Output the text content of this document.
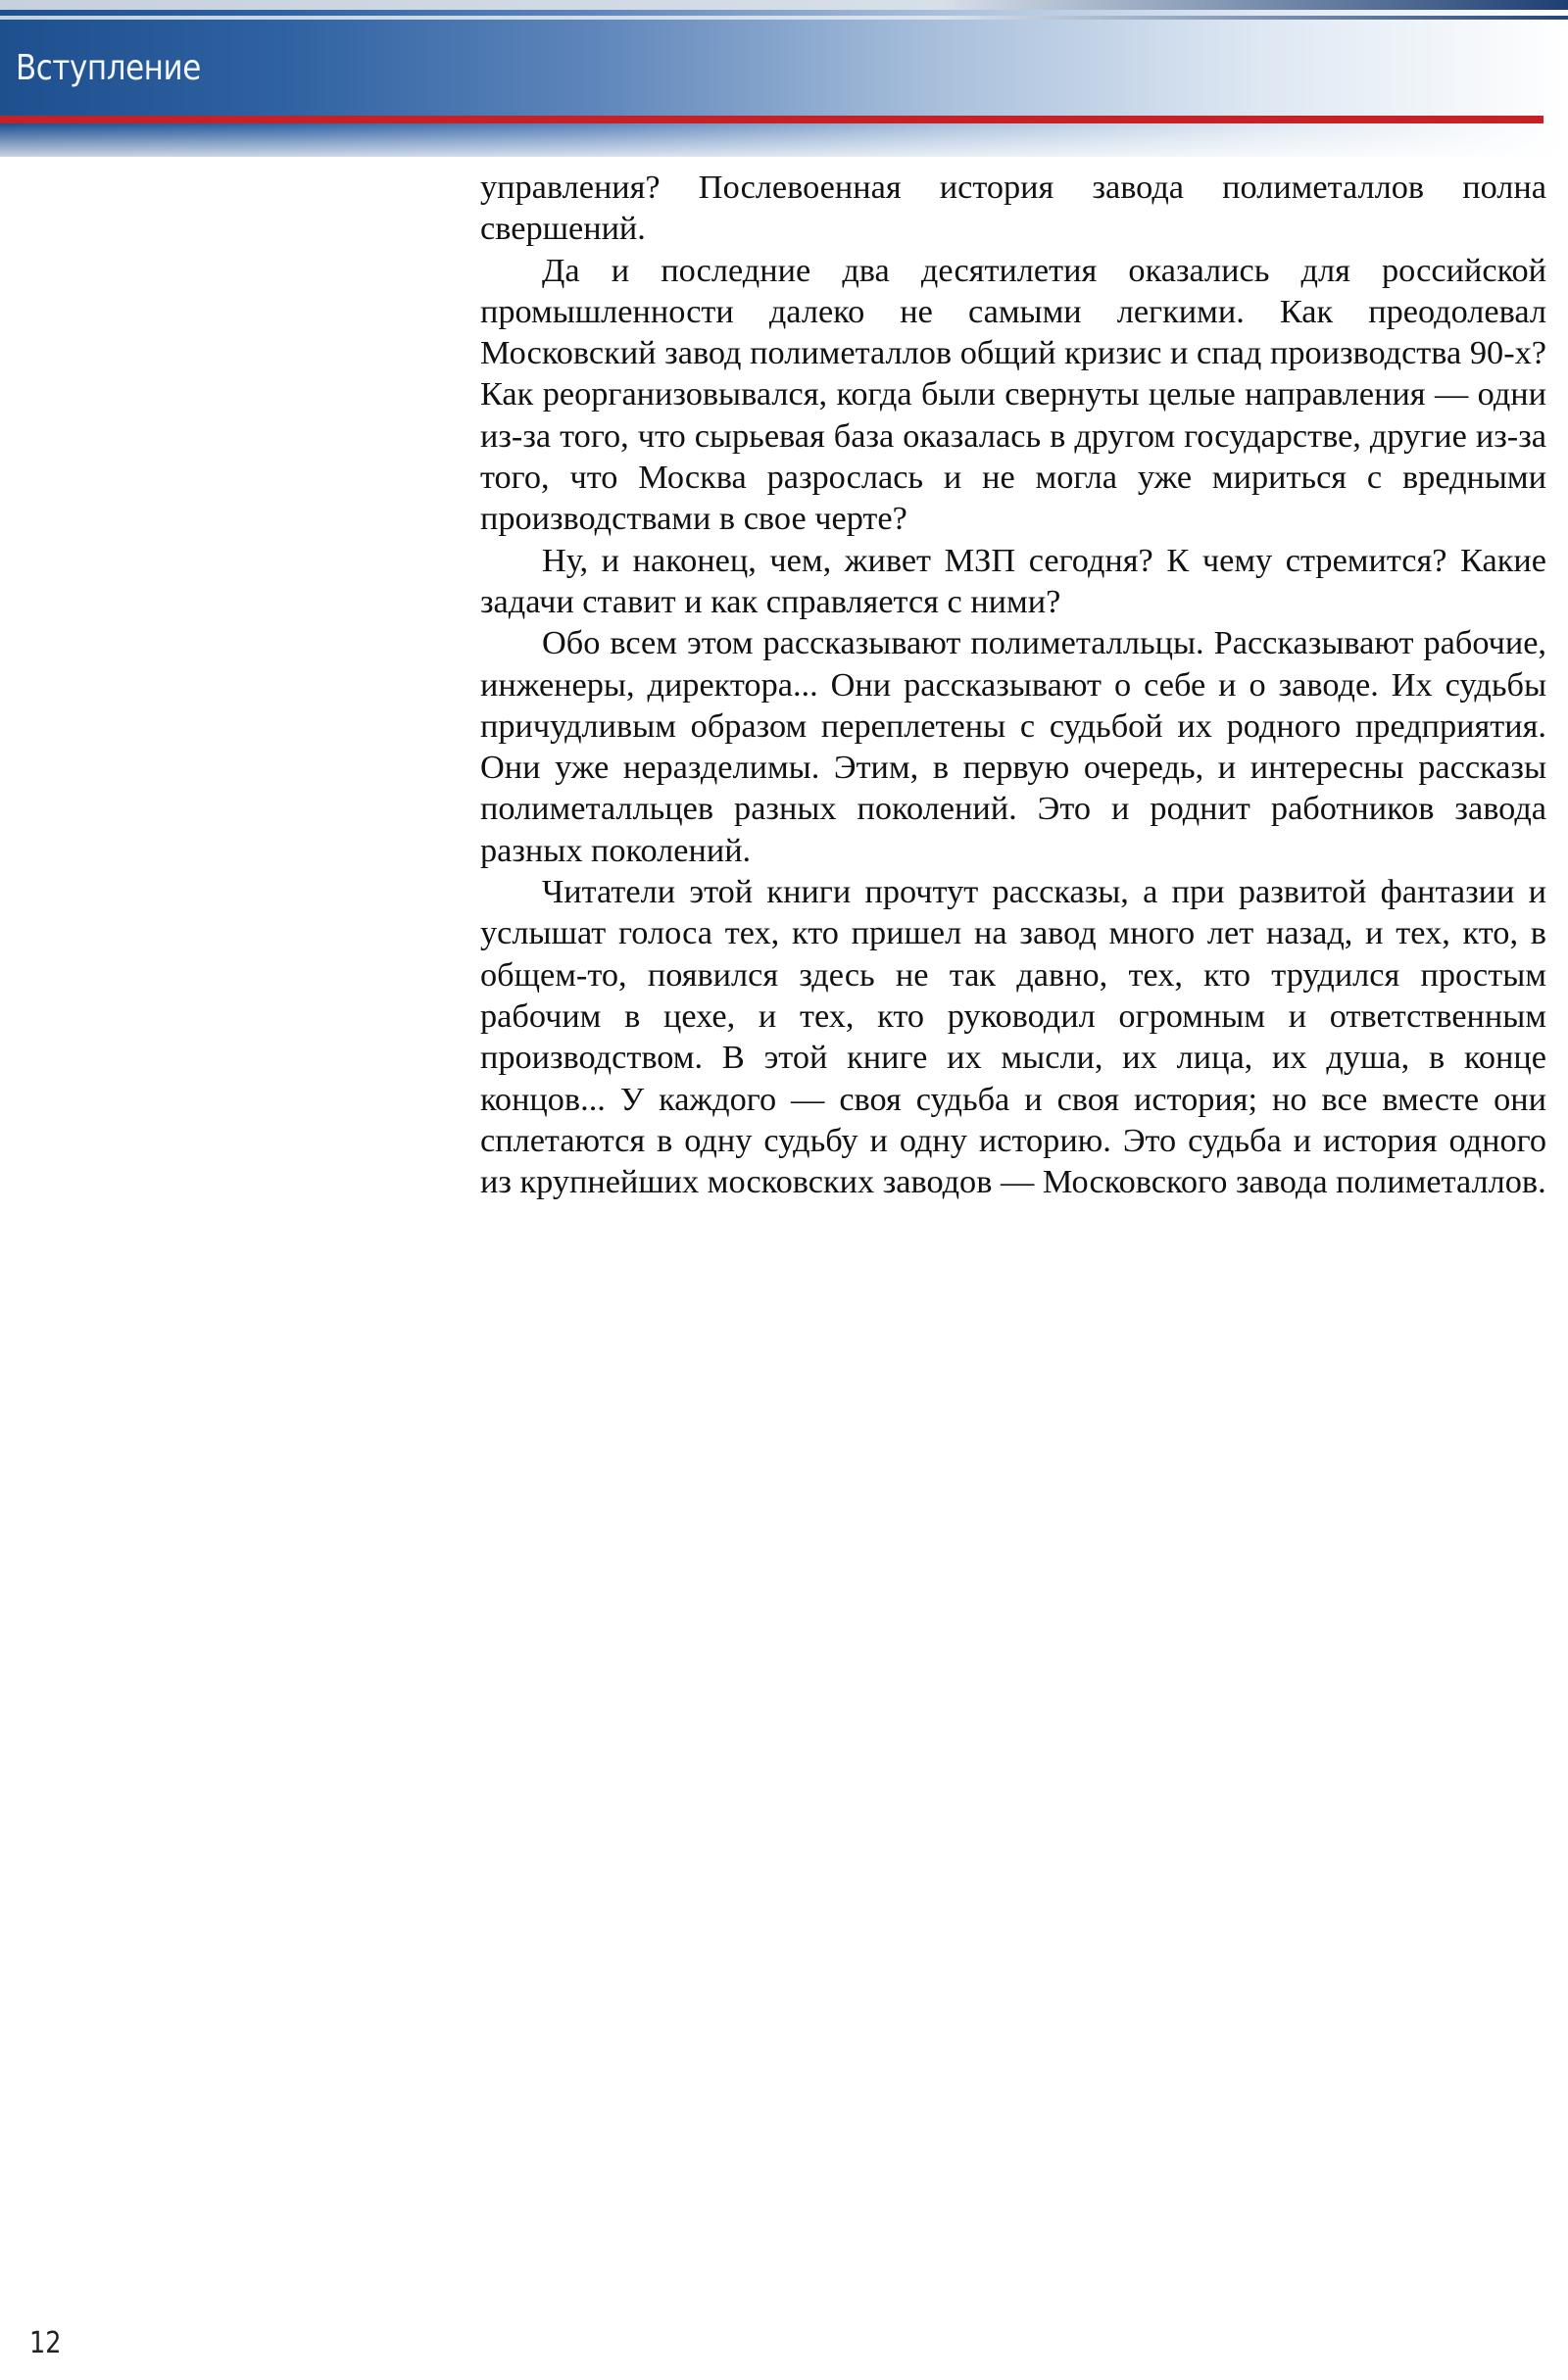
Вступление

управления? Послевоенная история завода полиметаллов полна свершений.

Да и последние два десятилетия оказались для российской промышленности далеко не самыми легкими. Как преодолевал Московский завод полиметаллов общий кризис и спад производства 90-х? Как реорганизовывался, когда были свернуты целые направления — одни из-за того, что сырьевая база оказалась в другом государстве, другие из-за того, что Москва разрослась и не могла уже мириться с вредными производствами в свое черте?

Ну, и наконец, чем, живет МЗП сегодня? К чему стремится? Какие задачи ставит и как справляется с ними?

Обо всем этом рассказывают полиметалльцы. Рассказывают рабочие, инженеры, директора... Они рассказывают о себе и о заводе. Их судьбы причудливым образом переплетены с судьбой их родного предприятия. Они уже неразделимы. Этим, в первую очередь, и интересны рассказы полиметалльцев разных поколений. Это и роднит работников завода разных поколений.

Читатели этой книги прочтут рассказы, а при развитой фантазии и услышат голоса тех, кто пришел на завод много лет назад, и тех, кто, в общем-то, появился здесь не так давно, тех, кто трудился простым рабочим в цехе, и тех, кто руководил огромным и ответственным производством. В этой книге их мысли, их лица, их душа, в конце концов... У каждого — своя судьба и своя история; но все вместе они сплетаются в одну судьбу и одну историю. Это судьба и история одного из крупнейших московских заводов — Московского завода полиметаллов.

12
